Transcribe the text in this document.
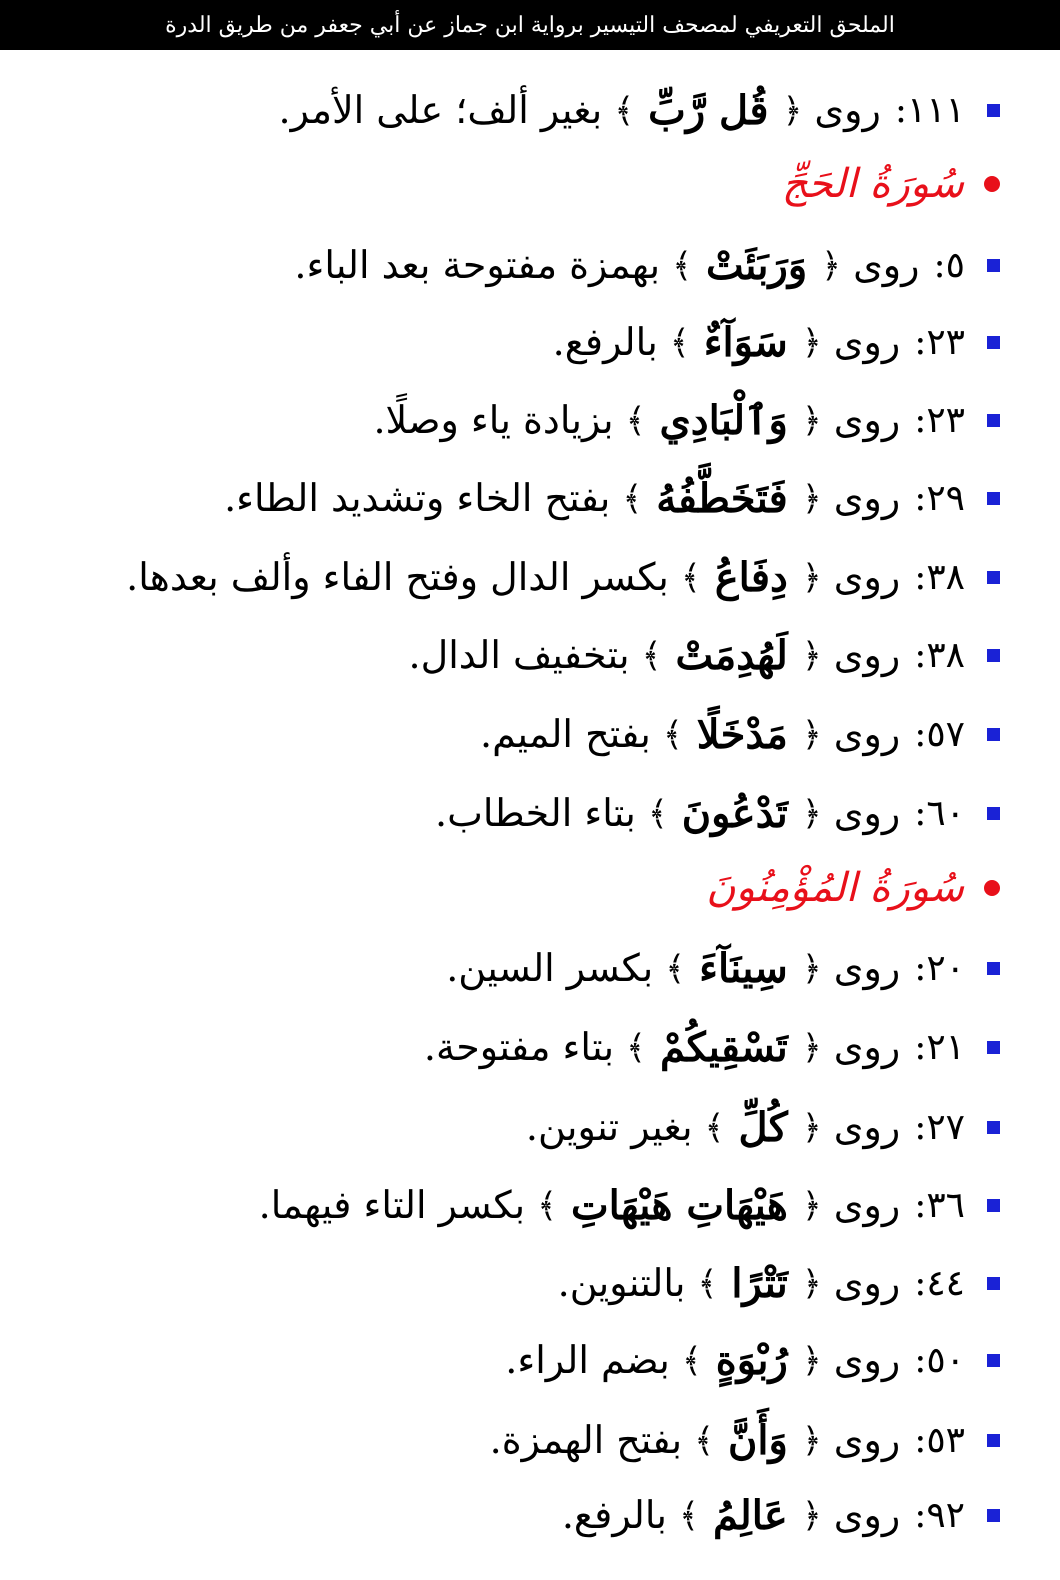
الملحق التعريفي لمصحف التيسير برواية ابن جماز عن أبي جعفر من طريق الدرة
١١١
:
روى
﴿
قُل رَّبِّ
﴾
بغير ألف؛ على الأمر.
سُورَةُ الحَجِّ
٥
:
روى
﴿
وَرَبَئَتْ
﴾
بهمزة مفتوحة بعد الباء.
٢٣
:
روى
﴿
سَوَآءٌ
﴾
بالرفع.
٢٣
:
روى
﴿
وَٱلْبَادِي
﴾
بزيادة ياء وصلًا.
٢٩
:
روى
﴿
فَتَخَطَّفُهُ
﴾
بفتح الخاء وتشديد الطاء.
٣٨
:
روى
﴿
دِفَاعُ
﴾
بكسر الدال وفتح الفاء وألف بعدها.
٣٨
:
روى
﴿
لَهُدِمَتْ
﴾
بتخفيف الدال.
٥٧
:
روى
﴿
مَدْخَلًا
﴾
بفتح الميم.
٦٠
:
روى
﴿
تَدْعُونَ
﴾
بتاء الخطاب.
سُورَةُ المُؤْمِنُونَ
٢٠
:
روى
﴿
سِينَآءَ
﴾
بكسر السين.
٢١
:
روى
﴿
تَسْقِيكُمْ
﴾
بتاء مفتوحة.
٢٧
:
روى
﴿
كُلِّ
﴾
بغير تنوين.
٣٦
:
روى
﴿
هَيْهَاتِ هَيْهَاتِ
﴾
بكسر التاء فيهما.
٤٤
:
روى
﴿
تَتْرًا
﴾
بالتنوين.
٥٠
:
روى
﴿
رُبْوَةٍ
﴾
بضم الراء.
٥٣
:
روى
﴿
وَأَنَّ
﴾
بفتح الهمزة.
٩٢
:
روى
﴿
عَالِمُ
﴾
بالرفع.
